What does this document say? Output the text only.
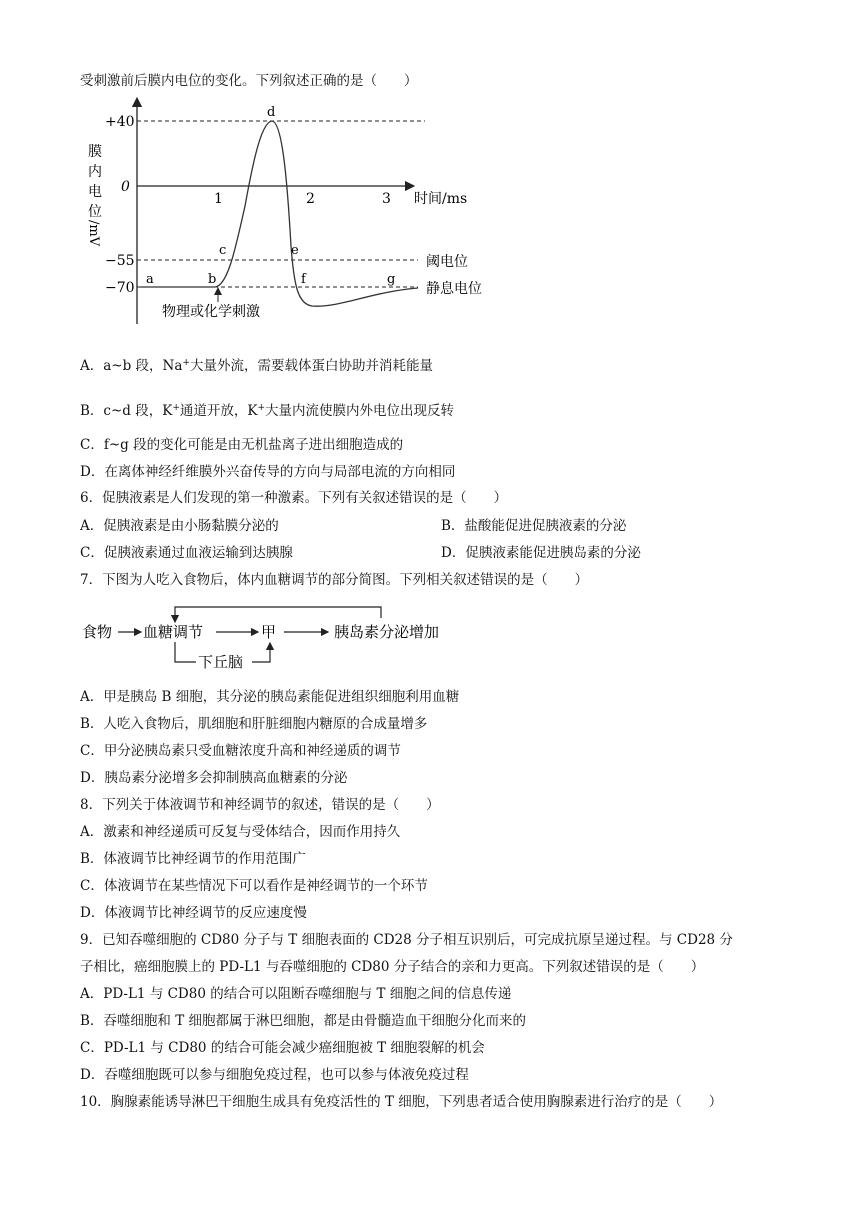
受刺激前后膜内电位的变化。下列叙述正确的是（　　）
膜
内
电
位
/mV
+40
0
−55
−70
1	2	3 时间/ms
a	b
c
d
e
f	g
阈电位
静息电位
物理或化学刺激
A．a~b 段，Na+大量外流，需要载体蛋白协助并消耗能量
B．c~d 段，K+通道开放，K+大量内流使膜内外电位出现反转
C．f~g 段的变化可能是由无机盐离子进出细胞造成的
D．在离体神经纤维膜外兴奋传导的方向与局部电流的方向相同
6．促胰液素是人们发现的第一种激素。下列有关叙述错误的是（　　）
A．促胰液素是由小肠黏膜分泌的	B．盐酸能促进促胰液素的分泌
C．促胰液素通过血液运输到达胰腺	D．促胰液素能促进胰岛素的分泌
7．下图为人吃入食物后，体内血糖调节的部分简图。下列相关叙述错误的是（　　）
食物 血糖调节	甲	胰岛素分泌增加
下丘脑
A．甲是胰岛 B 细胞，其分泌的胰岛素能促进组织细胞利用血糖
B．人吃入食物后，肌细胞和肝脏细胞内糖原的合成量增多
C．甲分泌胰岛素只受血糖浓度升高和神经递质的调节
D．胰岛素分泌增多会抑制胰高血糖素的分泌
8．下列关于体液调节和神经调节的叙述，错误的是（　　）
A．激素和神经递质可反复与受体结合，因而作用持久
B．体液调节比神经调节的作用范围广
C．体液调节在某些情况下可以看作是神经调节的一个环节
D．体液调节比神经调节的反应速度慢
9．已知吞噬细胞的 CD80 分子与 T 细胞表面的 CD28 分子相互识别后，可完成抗原呈递过程。与 CD28 分
子相比，癌细胞膜上的 PD-L1 与吞噬细胞的 CD80 分子结合的亲和力更高。下列叙述错误的是（　　）
A．PD-L1 与 CD80 的结合可以阻断吞噬细胞与 T 细胞之间的信息传递
B．吞噬细胞和 T 细胞都属于淋巴细胞，都是由骨髓造血干细胞分化而来的
C．PD-L1 与 CD80 的结合可能会减少癌细胞被 T 细胞裂解的机会
D．吞噬细胞既可以参与细胞免疫过程，也可以参与体液免疫过程
10．胸腺素能诱导淋巴干细胞生成具有免疫活性的 T 细胞，下列患者适合使用胸腺素进行治疗的是（　　）
